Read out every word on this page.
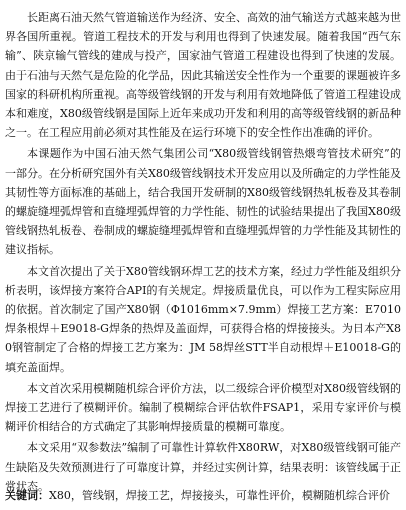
长距离石油天然气管道输送作为经济、安全、高效的油气输送方式越来越为世界各国所重视。管道工程技术的开发与利用也得到了快速发展。随着我国“西气东输”、陕京输气管线的建成与投产，国家油气管道工程建设也得到了快速的发展。由于石油与天然气是危险的化学品，因此其输送安全性作为一个重要的课题被许多国家的科研机构所重视。高等级管线钢的开发与利用有效地降低了管道工程建设成本和难度，X80级管线钢是国际上近年来成功开发和利用的高等级管线钢的新品种之一。在工程应用前必须对其性能及在运行环境下的安全性作出准确的评价。

本课题作为中国石油天然气集团公司“X80级管线钢管热煨弯管技术研究”的一部分。在分析研究国外有关X80级管线钢技术开发应用以及所确定的力学性能及其韧性等方面标准的基础上，结合我国开发研制的X80级管线钢热轧板卷及其卷制的螺旋缝埋弧焊管和直缝埋弧焊管的力学性能、韧性的试验结果提出了我国X80级管线钢热轧板卷、卷制成的螺旋缝埋弧焊管和直缝埋弧焊管的力学性能及其韧性的建议指标。

本文首次提出了关于X80管线钢环焊工艺的技术方案，经过力学性能及组织分析表明，该焊接方案符合API的有关规定。焊接质量优良，可以作为工程实际应用的依据。首次制定了国产X80钢（Φ1016mm×7.9mm）焊接工艺方案：E7010焊条根焊＋E9018-G焊条的热焊及盖面焊，可获得合格的焊接接头。为日本产X80钢管制定了合格的焊接工艺方案为：JM 58焊丝STT半自动根焊＋E10018-G的填充盖面焊。

本文首次采用模糊随机综合评价方法，以二级综合评价模型对X80级管线钢的焊接工艺进行了模糊评价。编制了模糊综合评估软件FSAP1，采用专家评价与模糊评价相结合的方式确定了其影响焊接质量的模糊可靠度。

本文采用“双参数法”编制了可靠性计算软件X80RW，对X80级管线钢可能产生缺陷及失效预测进行了可靠度计算，并经过实例计算，结果表明：该管线属于正常状态。

关键词：X80，管线钢，焊接工艺，焊接接头，可靠性评价，模糊随机综合评价
